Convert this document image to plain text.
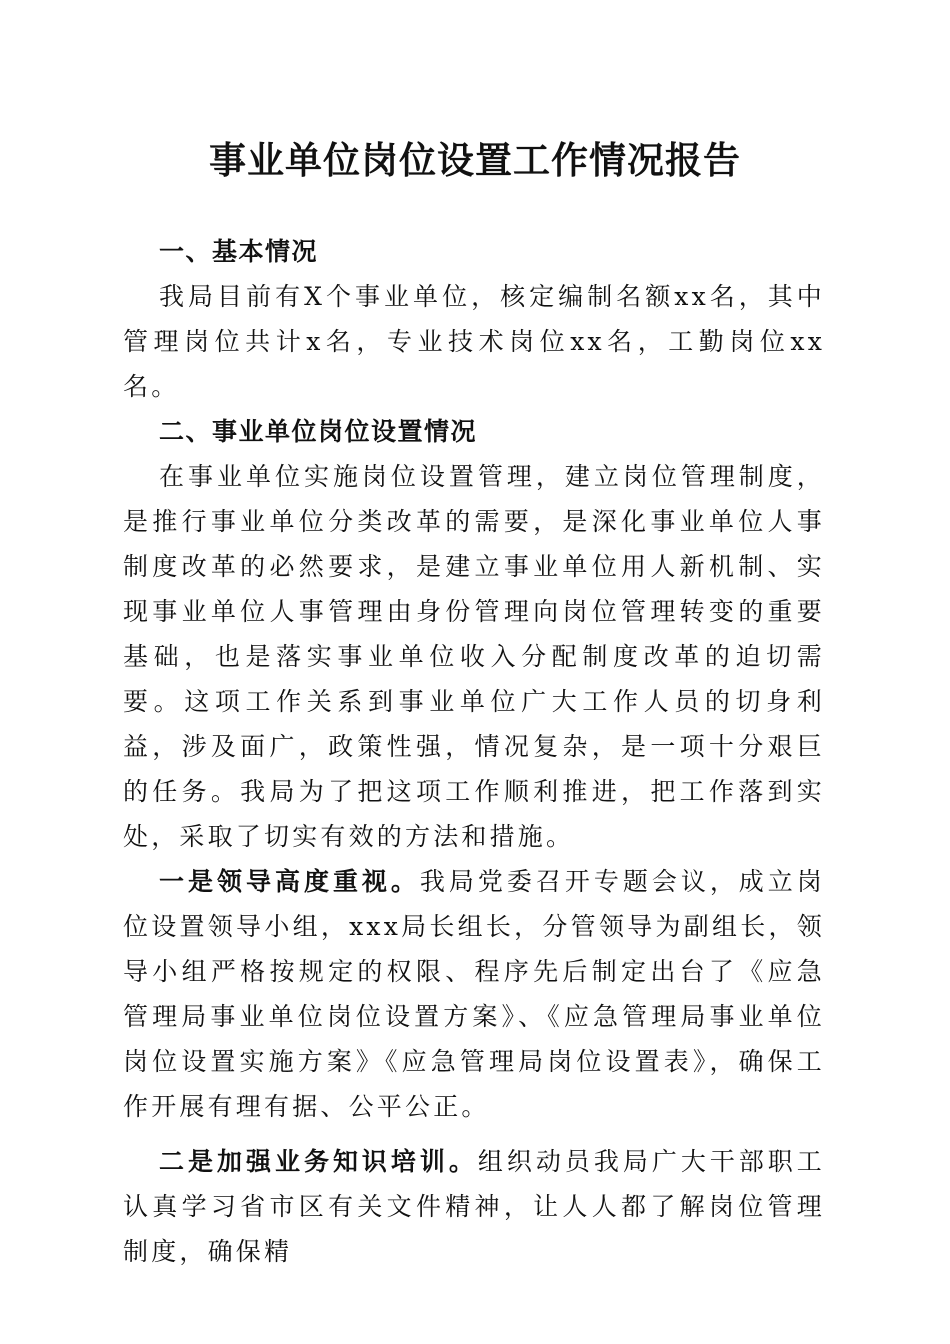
事业单位岗位设置工作情况报告

一、基本情况

我局目前有X个事业单位，核定编制名额xx名，其中管理岗位共计x名，专业技术岗位xx名，工勤岗位xx名。

二、事业单位岗位设置情况

在事业单位实施岗位设置管理，建立岗位管理制度，是推行事业单位分类改革的需要，是深化事业单位人事制度改革的必然要求，是建立事业单位用人新机制、实现事业单位人事管理由身份管理向岗位管理转变的重要基础，也是落实事业单位收入分配制度改革的迫切需要。这项工作关系到事业单位广大工作人员的切身利益，涉及面广，政策性强，情况复杂，是一项十分艰巨的任务。我局为了把这项工作顺利推进，把工作落到实处，采取了切实有效的方法和措施。

一是领导高度重视。我局党委召开专题会议，成立岗位设置领导小组，xxx局长组长，分管领导为副组长，领导小组严格按规定的权限、程序先后制定出台了《应急管理局事业单位岗位设置方案》、《应急管理局事业单位岗位设置实施方案》《应急管理局岗位设置表》，确保工作开展有理有据、公平公正。

二是加强业务知识培训。组织动员我局广大干部职工认真学习省市区有关文件精神，让人人都了解岗位管理制度，确保精
